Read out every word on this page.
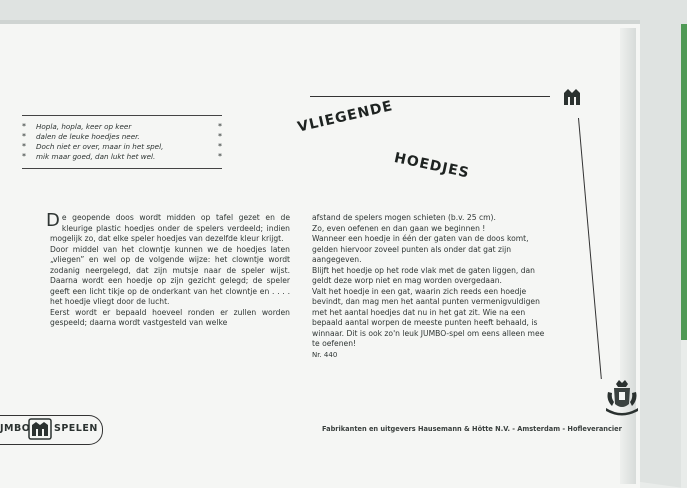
*	Hopla, hopla, keer op keer	*
*	dalen de leuke hoedjes neer.	*
*	Doch niet er over, maar in het spel,	*
*	mik maar goed, dan lukt het wel.	*
VLIEGENDE
HOEDJES

De geopende doos wordt midden op tafel gezet en de kleurige plastic hoedjes onder de spelers verdeeld; indien mogelijk zo, dat elke speler hoedjes van dezelfde kleur krijgt.

Door middel van het clowntje kunnen we de hoedjes laten „vliegen” en wel op de volgende wijze: het clowntje wordt zodanig neergelegd, dat zijn mutsje naar de speler wijst. Daarna wordt een hoedje op zijn gezicht gelegd; de speler geeft een licht tikje op de onderkant van het clowntje en . . . . het hoedje vliegt door de lucht.

Eerst wordt er bepaald hoeveel ronden er zullen worden gespeeld; daarna wordt vastgesteld van welke

afstand de spelers mogen schieten (b.v. 25 cm).

Zo, even oefenen en dan gaan we beginnen !

Wanneer een hoedje in één der gaten van de doos komt, gelden hiervoor zoveel punten als onder dat gat zijn aangegeven.

Blijft het hoedje op het rode vlak met de gaten liggen, dan geldt deze worp niet en mag worden overgedaan.

Valt het hoedje in een gat, waarin zich reeds een hoedje bevindt, dan mag men het aantal punten vermenigvuldigen met het aantal hoedjes dat nu in het gat zit. Wie na een bepaald aantal worpen de meeste punten heeft behaald, is winnaar. Dit is ook zo'n leuk JUMBO-spel om eens alleen mee te oefenen!

Nr. 440

JMBO SPELEN	Fabrikanten en uitgevers Hausemann & Hötte N.V. - Amsterdam - Hofleverancier
